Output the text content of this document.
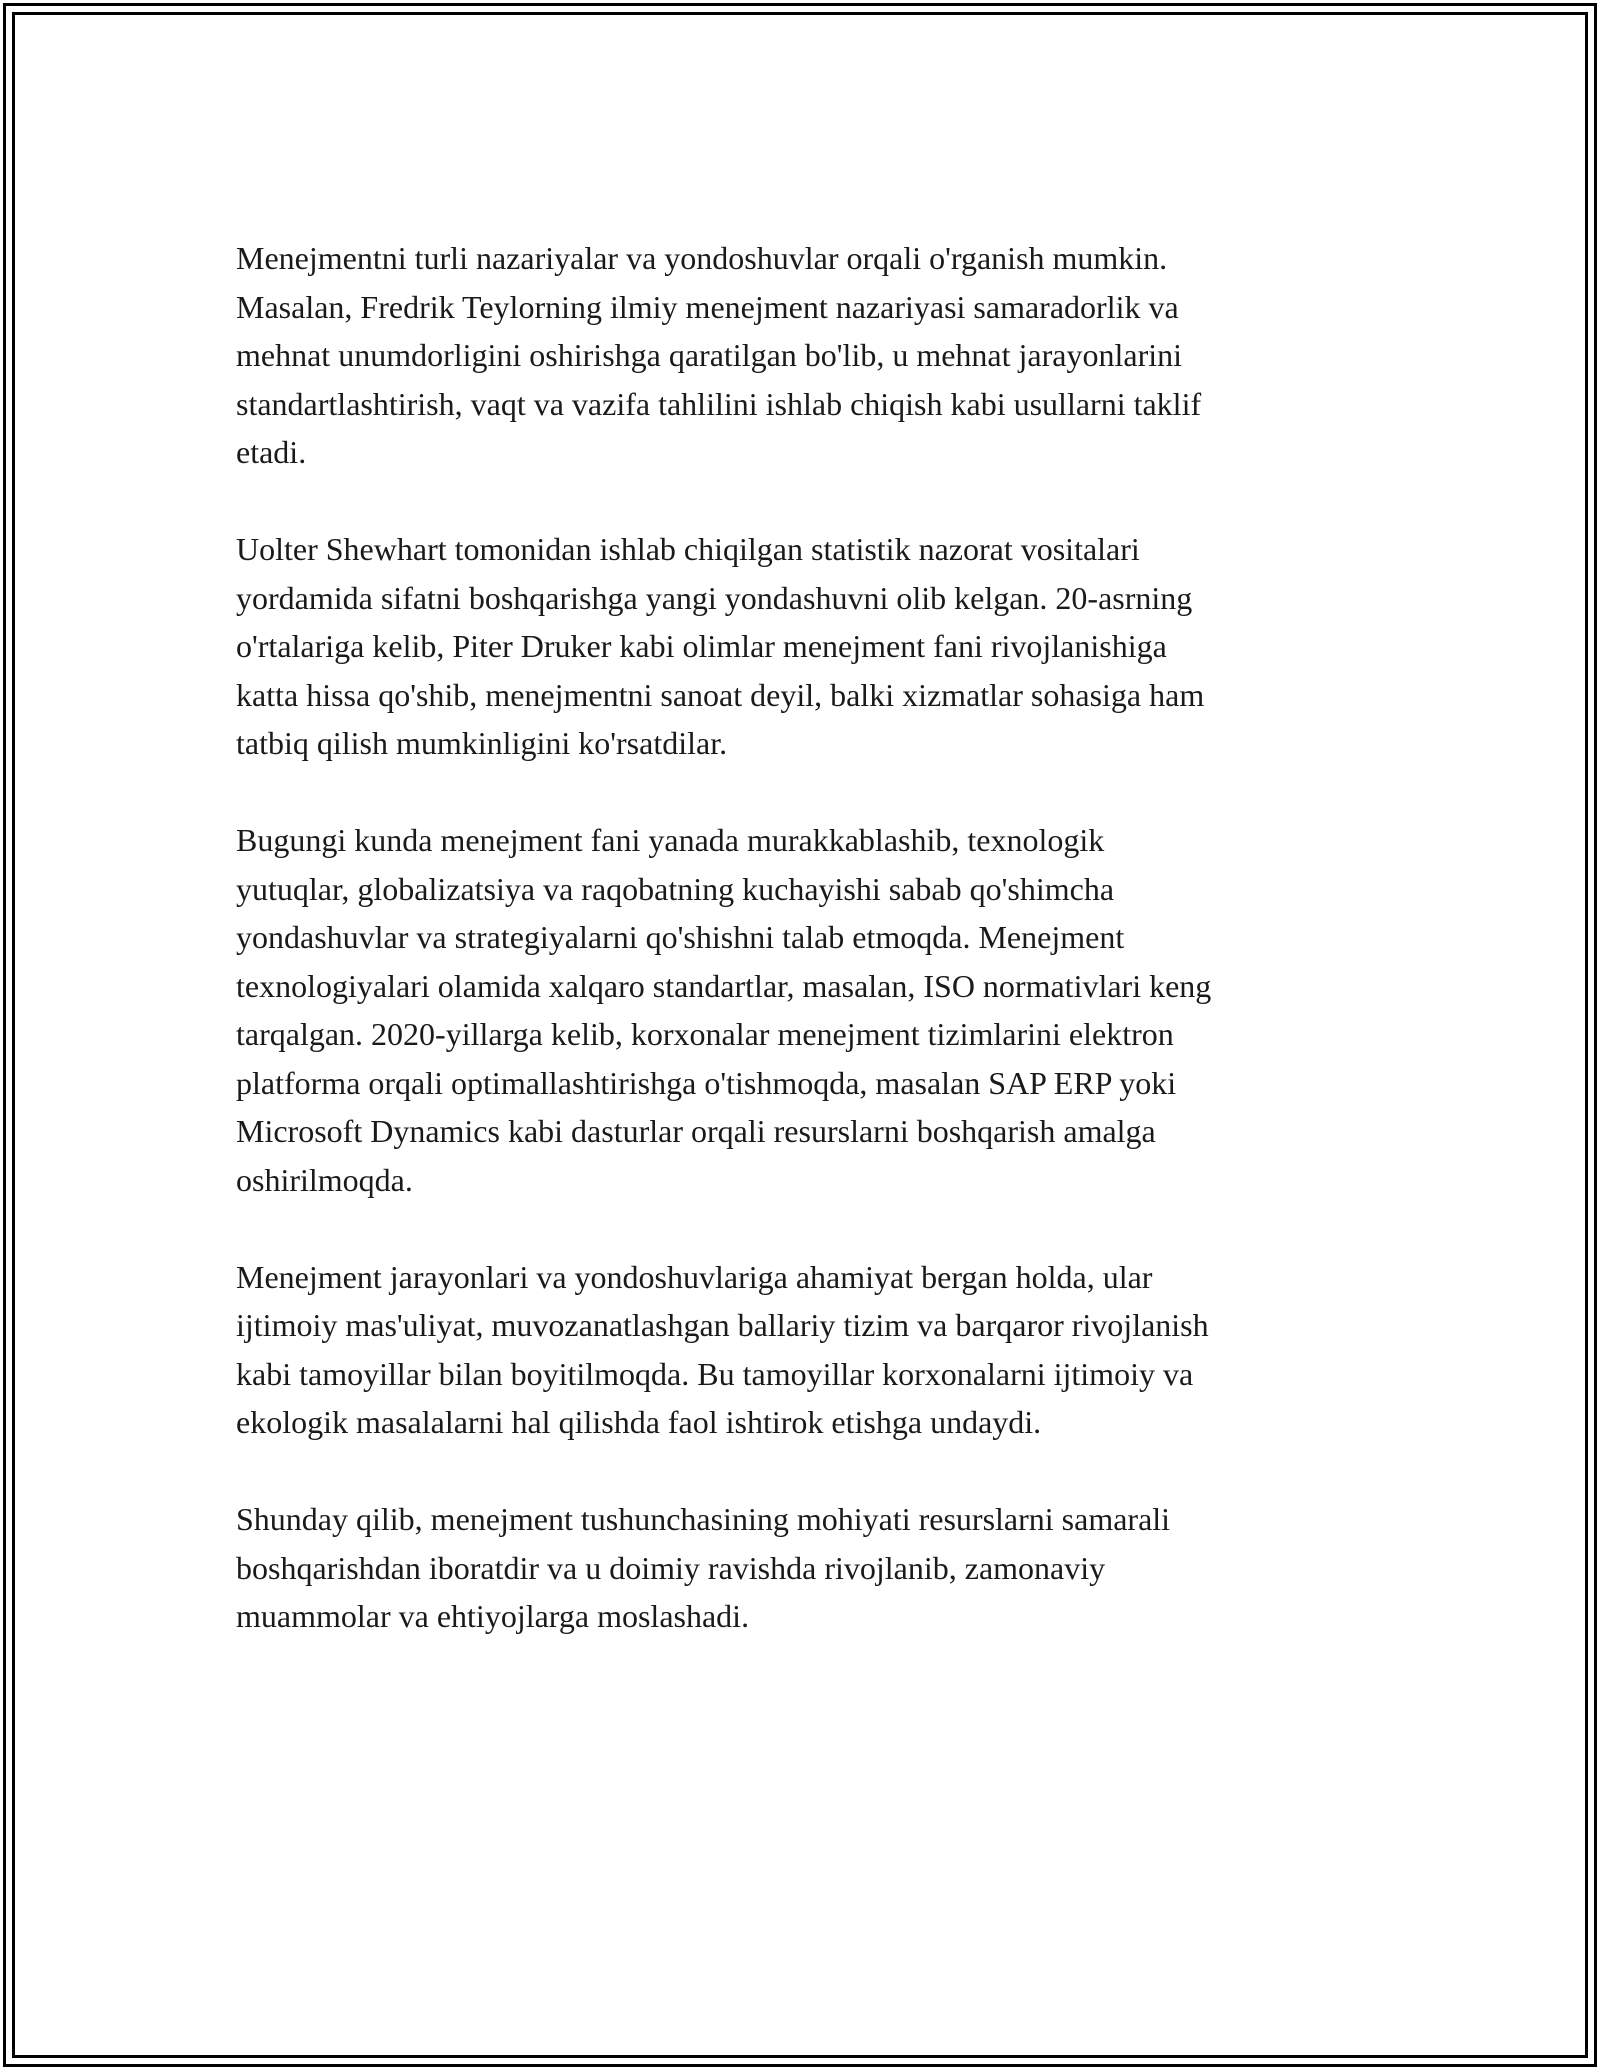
Menejmentni turli nazariyalar va yondoshuvlar orqali o'rganish mumkin.
Masalan, Fredrik Teylorning ilmiy menejment nazariyasi samaradorlik va
mehnat unumdorligini oshirishga qaratilgan bo'lib, u mehnat jarayonlarini
standartlashtirish, vaqt va vazifa tahlilini ishlab chiqish kabi usullarni taklif
etadi.

Uolter Shewhart tomonidan ishlab chiqilgan statistik nazorat vositalari
yordamida sifatni boshqarishga yangi yondashuvni olib kelgan. 20-asrning
o'rtalariga kelib, Piter Druker kabi olimlar menejment fani rivojlanishiga
katta hissa qo'shib, menejmentni sanoat deyil, balki xizmatlar sohasiga ham
tatbiq qilish mumkinligini ko'rsatdilar.

Bugungi kunda menejment fani yanada murakkablashib, texnologik
yutuqlar, globalizatsiya va raqobatning kuchayishi sabab qo'shimcha
yondashuvlar va strategiyalarni qo'shishni talab etmoqda. Menejment
texnologiyalari olamida xalqaro standartlar, masalan, ISO normativlari keng
tarqalgan. 2020-yillarga kelib, korxonalar menejment tizimlarini elektron
platforma orqali optimallashtirishga o'tishmoqda, masalan SAP ERP yoki
Microsoft Dynamics kabi dasturlar orqali resurslarni boshqarish amalga
oshirilmoqda.

Menejment jarayonlari va yondoshuvlariga ahamiyat bergan holda, ular
ijtimoiy mas'uliyat, muvozanatlashgan ballariy tizim va barqaror rivojlanish
kabi tamoyillar bilan boyitilmoqda. Bu tamoyillar korxonalarni ijtimoiy va
ekologik masalalarni hal qilishda faol ishtirok etishga undaydi.

Shunday qilib, menejment tushunchasining mohiyati resurslarni samarali
boshqarishdan iboratdir va u doimiy ravishda rivojlanib, zamonaviy
muammolar va ehtiyojlarga moslashadi.
